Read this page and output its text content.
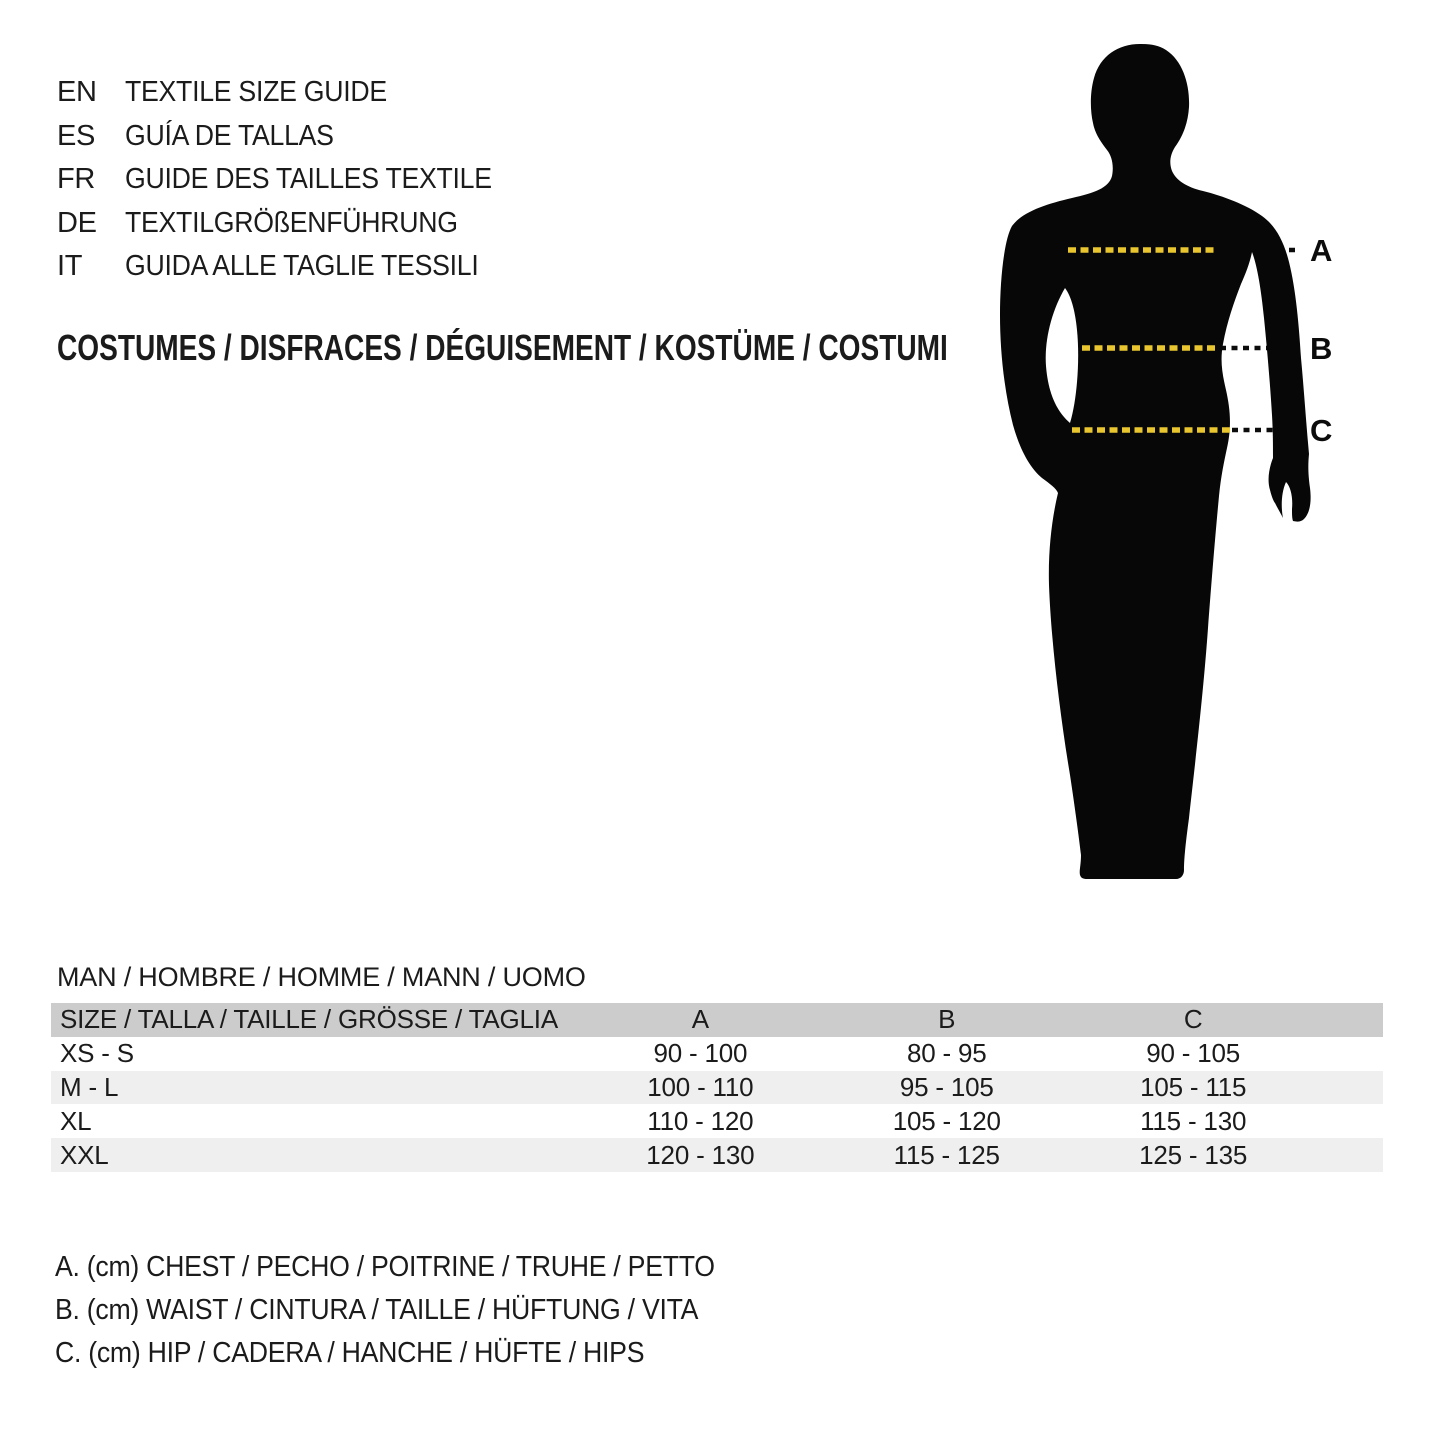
EN TEXTILE SIZE GUIDE
ES	GUÍA DE TALLAS
FR	GUIDE DES TAILLES TEXTILE
DE TEXTILGRÖßENFÜHRUNG
IT	GUIDA ALLE TAGLIE TESSILI
COSTUMES / DISFRACES / DÉGUISEMENT / KOSTÜME / COSTUMI
A
B
C
MAN / HOMBRE / HOMME / MANN / UOMO
SIZE / TALLA / TAILLE / GRÖSSE / TAGLIA	A	B	C	
XS - S	90 - 100	80 - 95	90 - 105	
M - L	100 - 110	95 - 105	105 - 115	
XL	110 - 120	105 - 120	115 - 130	
XXL	120 - 130	115 - 125	125 - 135	
A. (cm) CHEST / PECHO / POITRINE / TRUHE / PETTO
B. (cm) WAIST / CINTURA / TAILLE / HÜFTUNG / VITA
C. (cm) HIP / CADERA / HANCHE / HÜFTE / HIPS
